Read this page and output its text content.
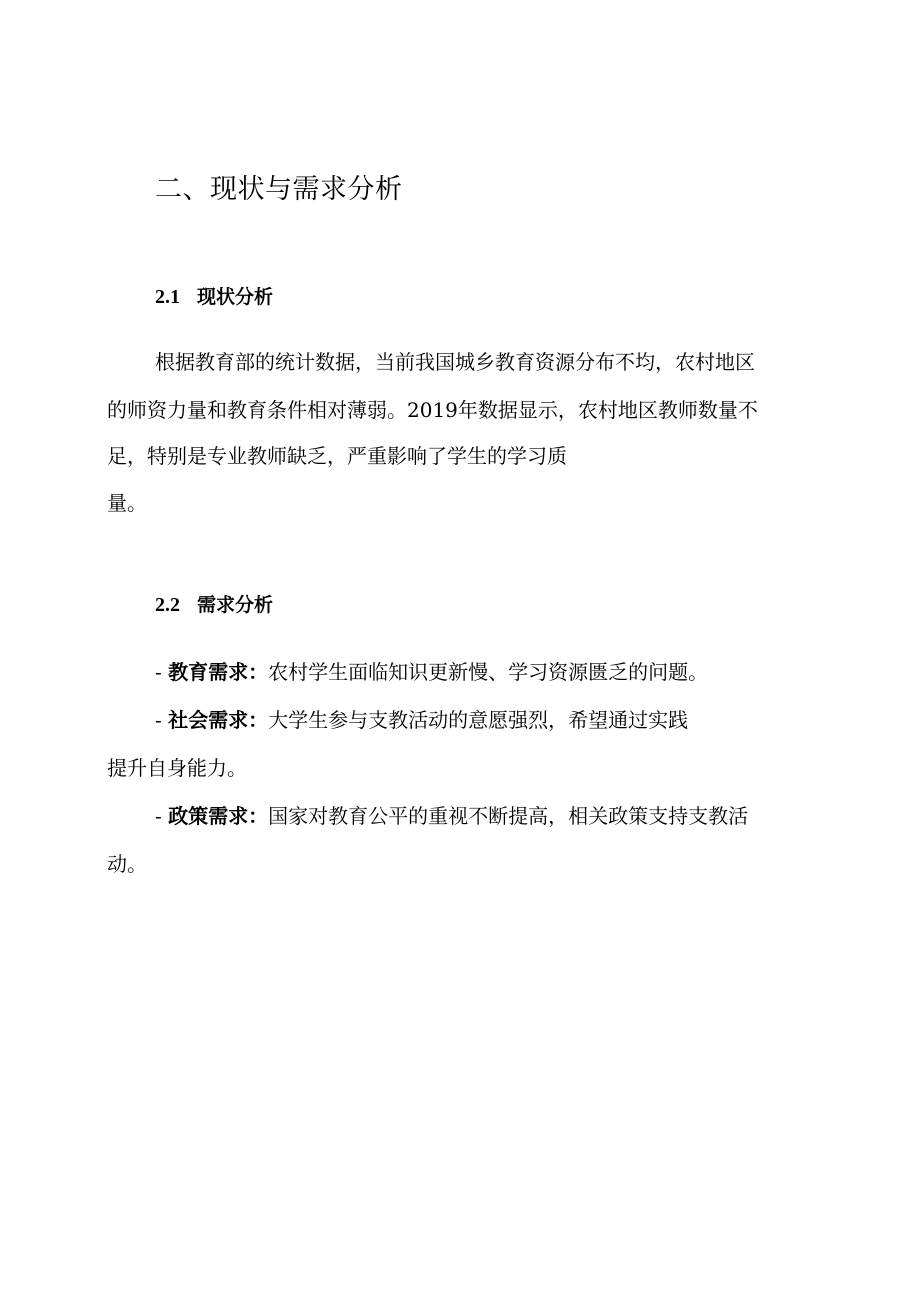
二、现状与需求分析
2.1 现状分析
根据教育部的统计数据，当前我国城乡教育资源分布不均，农村地区
的师资力量和教育条件相对薄弱。2019年数据显示，农村地区教师数量不
足，特别是专业教师缺乏，严重影响了学生的学习质
量。
2.2 需求分析
- 教育需求：农村学生面临知识更新慢、学习资源匮乏的问题。
- 社会需求：大学生参与支教活动的意愿强烈，希望通过实践
提升自身能力。
- 政策需求：国家对教育公平的重视不断提高，相关政策支持支教活
动。
